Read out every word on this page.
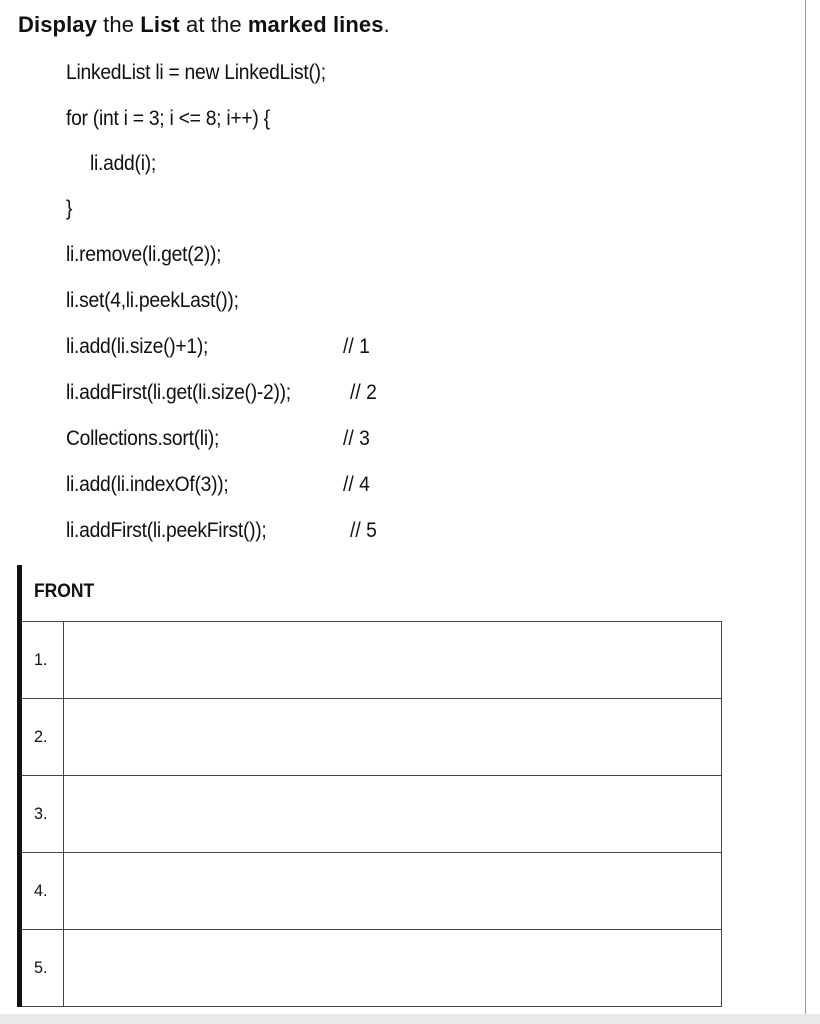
Display the List at the marked lines.
LinkedList li = new LinkedList();
for (int i = 3; i <= 8; i++) {
li.add(i);
}
li.remove(li.get(2));
li.set(4,li.peekLast());
li.add(li.size()+1);
li.addFirst(li.get(li.size()-2));
Collections.sort(li);
li.add(li.indexOf(3));
li.addFirst(li.peekFirst());
// 1
// 2
// 3
// 4
// 5
FRONT
1.	
2.	
3.	
4.	
5.	
